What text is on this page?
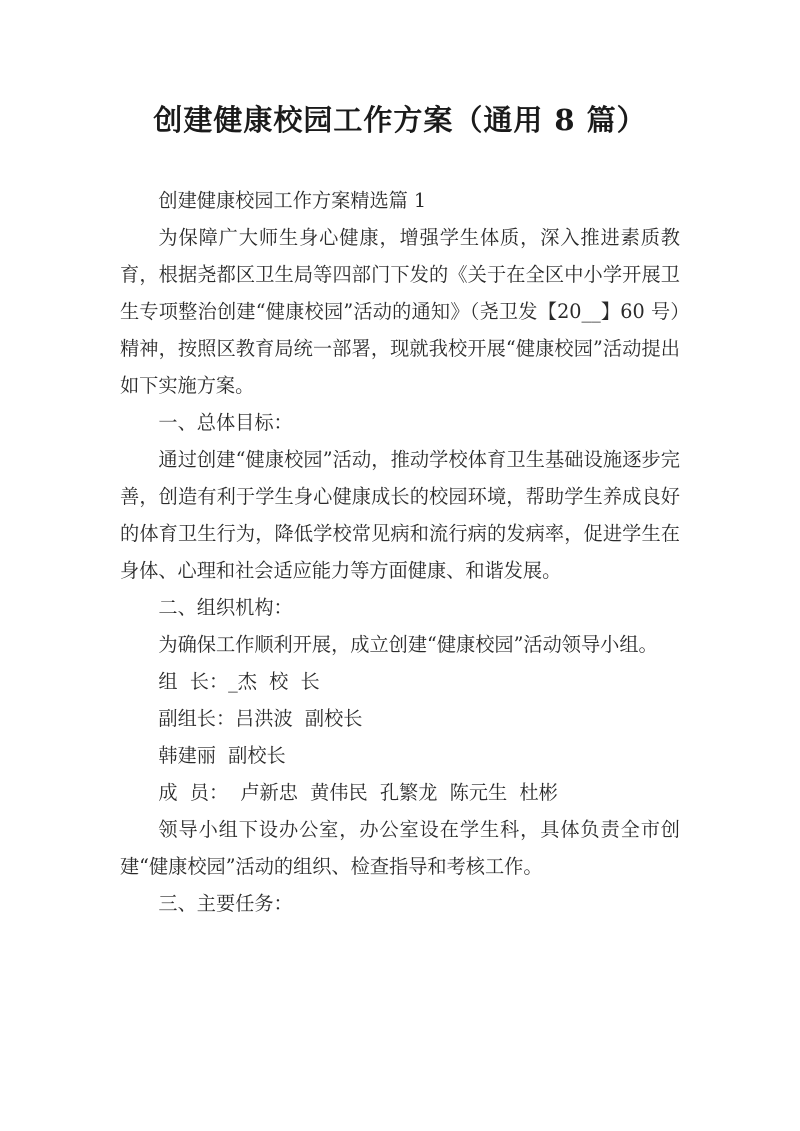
创建健康校园工作方案（通用 8 篇）

创建健康校园工作方案精选篇 1

为保障广大师生身心健康，增强学生体质，深入推进素质教育，根据尧都区卫生局等四部门下发的《关于在全区中小学开展卫生专项整治创建“健康校园”活动的通知》（尧卫发【20__】60 号）精神，按照区教育局统一部署，现就我校开展“健康校园”活动提出如下实施方案。

一、总体目标：

通过创建“健康校园”活动，推动学校体育卫生基础设施逐步完善，创造有利于学生身心健康成长的校园环境，帮助学生养成良好的体育卫生行为，降低学校常见病和流行病的发病率，促进学生在身体、心理和社会适应能力等方面健康、和谐发展。

二、组织机构：

为确保工作顺利开展，成立创建“健康校园”活动领导小组。

组  长：_杰  校  长

副组长：吕洪波  副校长

韩建丽  副校长

成  员：  卢新忠  黄伟民  孔繁龙  陈元生  杜彬

领导小组下设办公室，办公室设在学生科，具体负责全市创建“健康校园”活动的组织、检查指导和考核工作。

三、主要任务：
